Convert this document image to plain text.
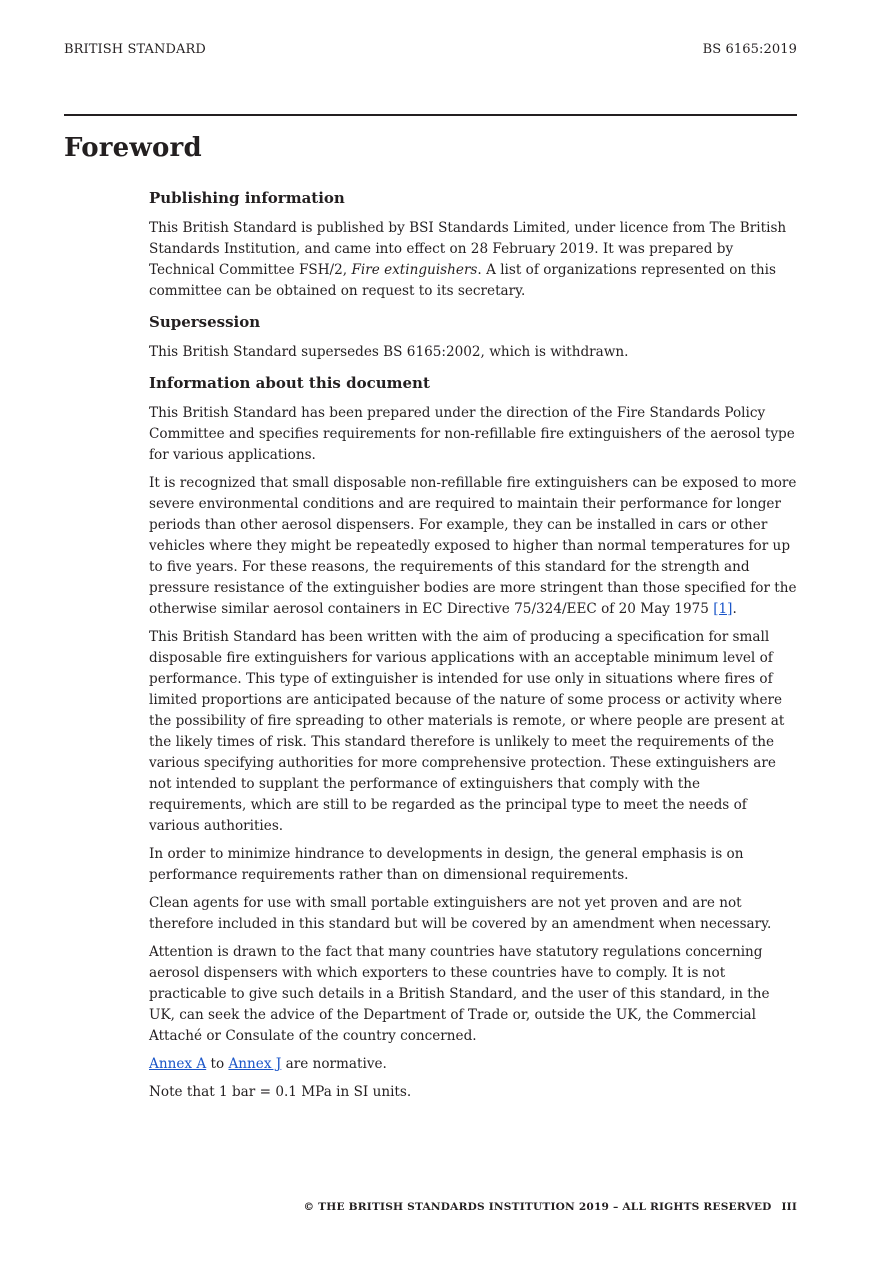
BRITISH STANDARD	BS 6165:2019
Foreword
Publishing information

This British Standard is published by BSI Standards Limited, under licence from The British Standards Institution, and came into effect on 28 February 2019. It was prepared by Technical Committee FSH/2, Fire extinguishers. A list of organizations represented on this committee can be obtained on request to its secretary.

Supersession

This British Standard supersedes BS 6165:2002, which is withdrawn.

Information about this document

This British Standard has been prepared under the direction of the Fire Standards Policy Committee and specifies requirements for non-refillable fire extinguishers of the aerosol type for various applications.

It is recognized that small disposable non-refillable fire extinguishers can be exposed to more severe environmental conditions and are required to maintain their performance for longer periods than other aerosol dispensers. For example, they can be installed in cars or other vehicles where they might be repeatedly exposed to higher than normal temperatures for up to five years. For these reasons, the requirements of this standard for the strength and pressure resistance of the extinguisher bodies are more stringent than those specified for the otherwise similar aerosol containers in EC Directive 75/324/EEC of 20 May 1975 [1].

This British Standard has been written with the aim of producing a specification for small disposable fire extinguishers for various applications with an acceptable minimum level of performance. This type of extinguisher is intended for use only in situations where fires of limited proportions are anticipated because of the nature of some process or activity where the possibility of fire spreading to other materials is remote, or where people are present at the likely times of risk. This standard therefore is unlikely to meet the requirements of the various specifying authorities for more comprehensive protection. These extinguishers are not intended to supplant the performance of extinguishers that comply with the requirements, which are still to be regarded as the principal type to meet the needs of various authorities.

In order to minimize hindrance to developments in design, the general emphasis is on performance requirements rather than on dimensional requirements.

Clean agents for use with small portable extinguishers are not yet proven and are not therefore included in this standard but will be covered by an amendment when necessary.

Attention is drawn to the fact that many countries have statutory regulations concerning aerosol dispensers with which exporters to these countries have to comply. It is not practicable to give such details in a British Standard, and the user of this standard, in the UK, can seek the advice of the Department of Trade or, outside the UK, the Commercial Attaché or Consulate of the country concerned.

Annex A to Annex J are normative.

Note that 1 bar = 0.1 MPa in SI units.

© THE BRITISH STANDARDS INSTITUTION 2019 – ALL RIGHTS RESERVED III
